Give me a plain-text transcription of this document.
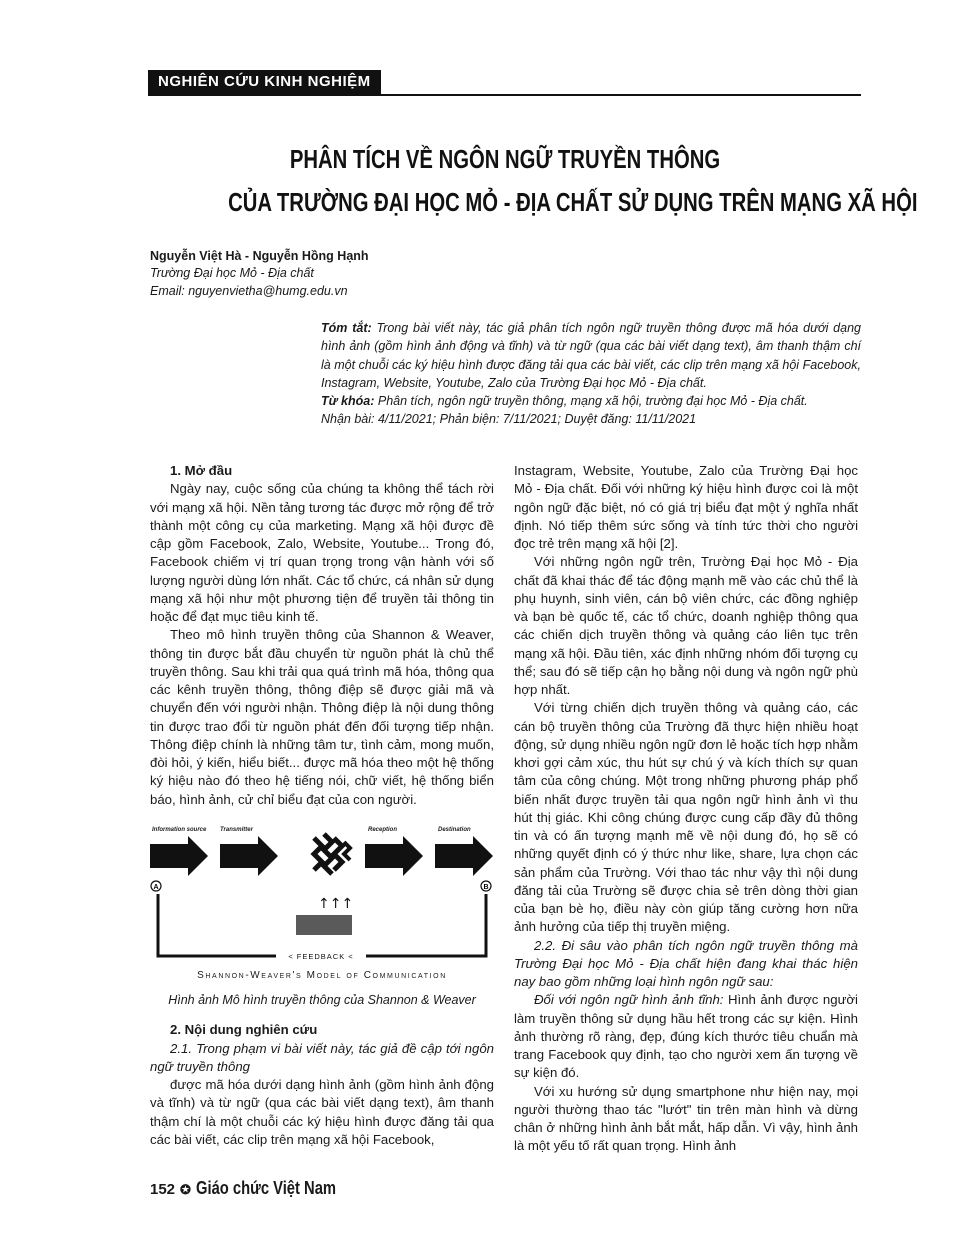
NGHIÊN CỨU KINH NGHIỆM
PHÂN TÍCH VỀ NGÔN NGỮ TRUYỀN THÔNG
CỦA TRƯỜNG ĐẠI HỌC MỎ - ĐỊA CHẤT SỬ DỤNG TRÊN MẠNG XÃ HỘI
Nguyễn Việt Hà - Nguyễn Hồng Hạnh
Trường Đại học Mỏ - Địa chất
Email: nguyenvietha@humg.edu.vn
Tóm tắt: Trong bài viết này, tác giả phân tích ngôn ngữ truyền thông được mã hóa dưới dạng hình ảnh (gồm hình ảnh động và tĩnh) và từ ngữ (qua các bài viết dạng text), âm thanh thậm chí là một chuỗi các ký hiệu hình được đăng tải qua các bài viết, các clip trên mạng xã hội Facebook, Instagram, Website, Youtube, Zalo của Trường Đại học Mỏ - Địa chất.
Từ khóa: Phân tích, ngôn ngữ truyền thông, mạng xã hội, trường đại học Mỏ - Địa chất.
Nhận bài: 4/11/2021; Phản biện: 7/11/2021; Duyệt đăng: 11/11/2021
1. Mở đầu

Ngày nay, cuộc sống của chúng ta không thể tách rời với mạng xã hội. Nền tảng tương tác được mở rộng để trở thành một công cụ của marketing. Mạng xã hội được đề cập gồm Facebook, Zalo, Website, Youtube... Trong đó, Facebook chiếm vị trí quan trọng trong vận hành với số lượng người dùng lớn nhất. Các tổ chức, cá nhân sử dụng mạng xã hội như một phương tiện để truyền tải thông tin hoặc để đạt mục tiêu kinh tế.

Theo mô hình truyền thông của Shannon & Weaver, thông tin được bắt đầu chuyển từ nguồn phát là chủ thể truyền thông. Sau khi trải qua quá trình mã hóa, thông qua các kênh truyền thông, thông điệp sẽ được giải mã và chuyển đến với người nhận. Thông điệp là nội dung thông tin được trao đổi từ nguồn phát đến đối tượng tiếp nhận. Thông điệp chính là những tâm tư, tình cảm, mong muốn, đòi hỏi, ý kiến, hiểu biết... được mã hóa theo một hệ thống ký hiệu nào đó theo hệ tiếng nói, chữ viết, hệ thống biển báo, hình ảnh, cử chỉ biểu đạt của con người.

Information source Transmitter	Reception	Destination
A	B
↑↑↑
< FEEDBACK <
Shannon-Weaver's Model of Communication
Hình ảnh Mô hình truyền thông của Shannon & Weaver
2. Nội dung nghiên cứu

2.1. Trong phạm vi bài viết này, tác giả đề cập tới ngôn ngữ truyền thông

được mã hóa dưới dạng hình ảnh (gồm hình ảnh động và tĩnh) và từ ngữ (qua các bài viết dạng text), âm thanh thậm chí là một chuỗi các ký hiệu hình được đăng tải qua các bài viết, các clip trên mạng xã hội Facebook,

Instagram, Website, Youtube, Zalo của Trường Đại học Mỏ - Địa chất. Đối với những ký hiệu hình được coi là một ngôn ngữ đặc biệt, nó có giá trị biểu đạt một ý nghĩa nhất định. Nó tiếp thêm sức sống và tính tức thời cho người đọc trẻ trên mạng xã hội [2].

Với những ngôn ngữ trên, Trường Đại học Mỏ - Địa chất đã khai thác để tác động mạnh mẽ vào các chủ thể là phụ huynh, sinh viên, cán bộ viên chức, các đồng nghiệp và bạn bè quốc tế, các tổ chức, doanh nghiệp thông qua các chiến dịch truyền thông và quảng cáo liên tục trên mạng xã hội. Đầu tiên, xác định những nhóm đối tượng cụ thể; sau đó sẽ tiếp cận họ bằng nội dung và ngôn ngữ phù hợp nhất.

Với từng chiến dịch truyền thông và quảng cáo, các cán bộ truyền thông của Trường đã thực hiện nhiều hoạt động, sử dụng nhiều ngôn ngữ đơn lẻ hoặc tích hợp nhằm khơi gợi cảm xúc, thu hút sự chú ý và kích thích sự quan tâm của công chúng. Một trong những phương pháp phổ biến nhất được truyền tải qua ngôn ngữ hình ảnh vì thu hút thị giác. Khi công chúng được cung cấp đầy đủ thông tin và có ấn tượng mạnh mẽ về nội dung đó, họ sẽ có những quyết định có ý thức như like, share, lựa chọn các sản phẩm của Trường. Với thao tác như vậy thì nội dung đăng tải của Trường sẽ được chia sẻ trên dòng thời gian của bạn bè họ, điều này còn giúp tăng cường hơn nữa ảnh hưởng của tiếp thị truyền miệng.

2.2. Đi sâu vào phân tích ngôn ngữ truyền thông mà Trường Đại học Mỏ - Địa chất hiện đang khai thác hiện nay bao gồm những loại hình ngôn ngữ sau:

Đối với ngôn ngữ hình ảnh tĩnh: Hình ảnh được người làm truyền thông sử dụng hầu hết trong các sự kiện. Hình ảnh thường rõ ràng, đẹp, đúng kích thước tiêu chuẩn mà trang Facebook quy định, tạo cho người xem ấn tượng về sự kiện đó.

Với xu hướng sử dụng smartphone như hiện nay, mọi người thường thao tác "lướt" tin trên màn hình và dừng chân ở những hình ảnh bắt mắt, hấp dẫn. Vì vậy, hình ảnh là một yếu tố rất quan trọng. Hình ảnh

152 ✪ Giáo chức Việt Nam
